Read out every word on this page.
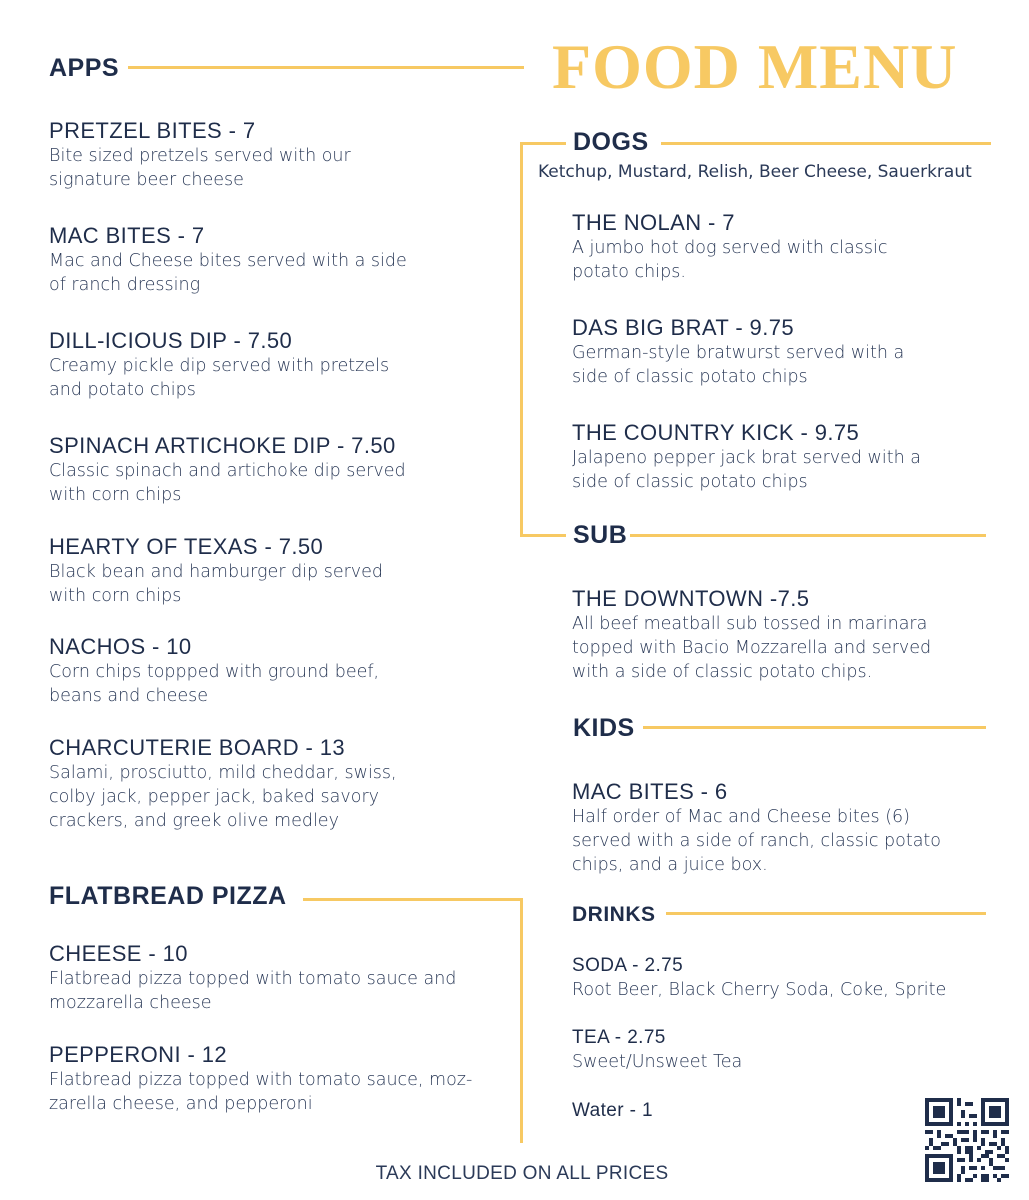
FOOD MENU
APPS
PRETZEL BITES - 7
Bite sized pretzels served with our signature beer cheese
MAC BITES - 7
Mac and Cheese bites served with a side of ranch dressing
DILL-ICIOUS DIP - 7.50
Creamy pickle dip served with pretzels and potato chips
SPINACH ARTICHOKE DIP - 7.50
Classic spinach and artichoke dip served with corn chips
HEARTY OF TEXAS - 7.50
Black bean and hamburger dip served with corn chips
NACHOS - 10
Corn chips toppped with ground beef, beans and cheese
CHARCUTERIE BOARD - 13
Salami, prosciutto, mild cheddar, swiss, colby jack, pepper jack, baked savory crackers, and greek olive medley
FLATBREAD PIZZA
CHEESE - 10
Flatbread pizza topped with tomato sauce and mozzarella cheese
PEPPERONI - 12
Flatbread pizza topped with tomato sauce, moz-zarella cheese, and pepperoni
DOGS
Ketchup, Mustard, Relish, Beer Cheese, Sauerkraut
THE NOLAN - 7
A jumbo hot dog served with classic potato chips.
DAS BIG BRAT - 9.75
German-style bratwurst served with a side of classic potato chips
THE COUNTRY KICK - 9.75
Jalapeno pepper jack brat served with a side of classic potato chips
SUB
THE DOWNTOWN -7.5
All beef meatball sub tossed in marinara topped with Bacio Mozzarella and served with a side of classic potato chips.
KIDS
MAC BITES - 6
Half order of Mac and Cheese bites (6) served with a side of ranch, classic potato chips, and a juice box.
DRINKS
SODA - 2.75
Root Beer, Black Cherry Soda, Coke, Sprite
TEA - 2.75
Sweet/Unsweet Tea
Water - 1
TAX INCLUDED ON ALL PRICES
